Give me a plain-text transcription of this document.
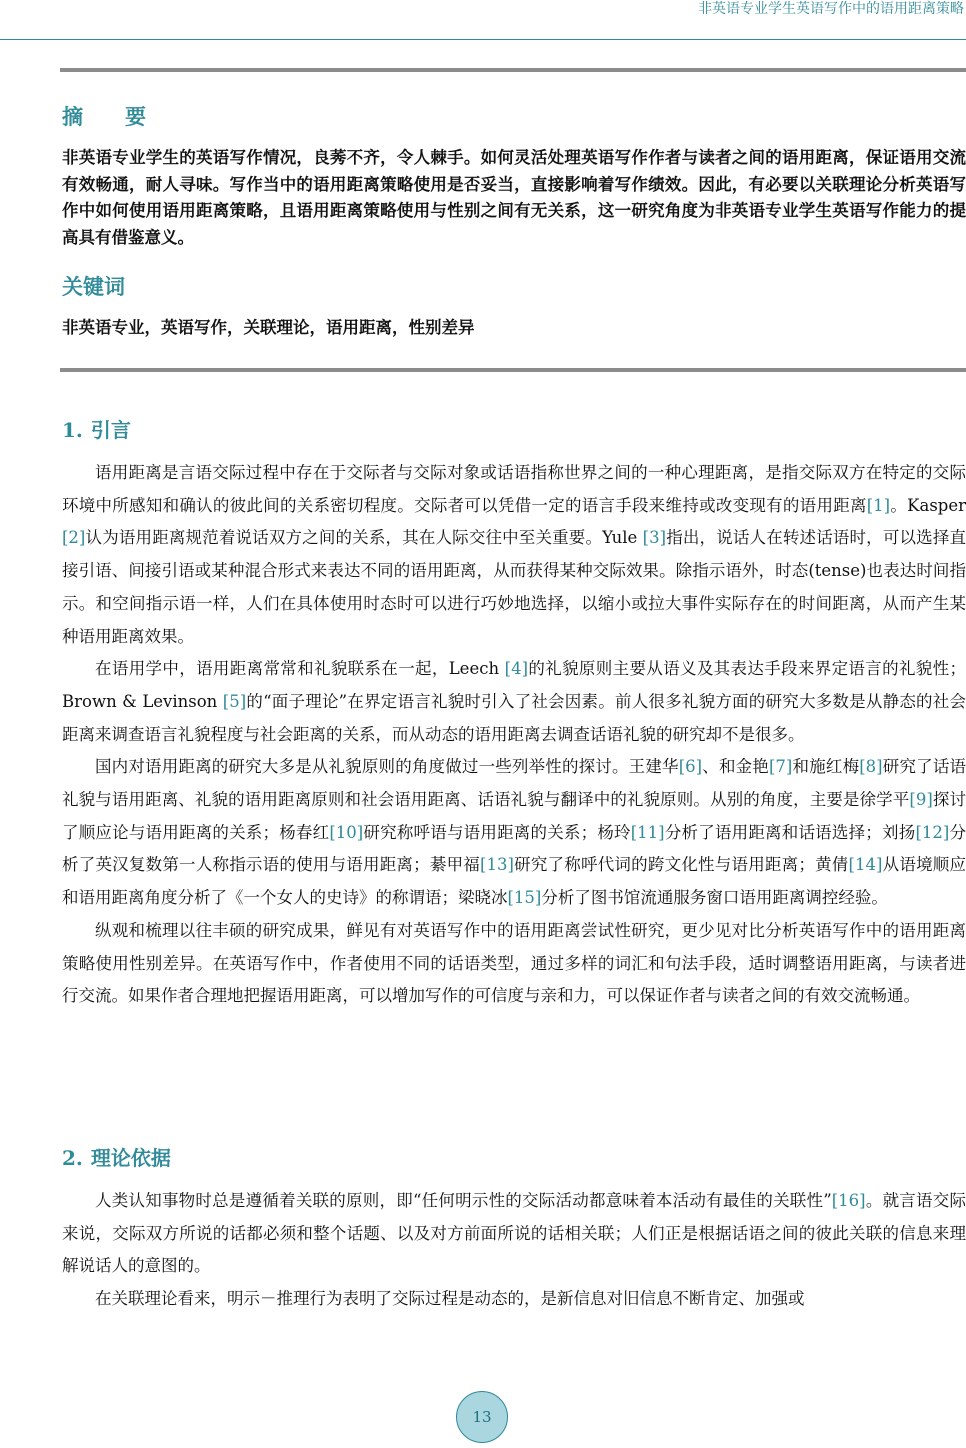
非英语专业学生英语写作中的语用距离策略
摘　要

非英语专业学生的英语写作情况，良莠不齐，令人棘手。如何灵活处理英语写作作者与读者之间的语用距离，保证语用交流有效畅通，耐人寻味。写作当中的语用距离策略使用是否妥当，直接影响着写作绩效。因此，有必要以关联理论分析英语写作中如何使用语用距离策略，且语用距离策略使用与性别之间有无关系，这一研究角度为非英语专业学生英语写作能力的提高具有借鉴意义。

关键词

非英语专业，英语写作，关联理论，语用距离，性别差异

1. 引言

语用距离是言语交际过程中存在于交际者与交际对象或话语指称世界之间的一种心理距离，是指交际双方在特定的交际环境中所感知和确认的彼此间的关系密切程度。交际者可以凭借一定的语言手段来维持或改变现有的语用距离[1]。Kasper [2]认为语用距离规范着说话双方之间的关系，其在人际交往中至关重要。Yule [3]指出，说话人在转述话语时，可以选择直接引语、间接引语或某种混合形式来表达不同的语用距离，从而获得某种交际效果。除指示语外，时态(tense)也表达时间指示。和空间指示语一样，人们在具体使用时态时可以进行巧妙地选择，以缩小或拉大事件实际存在的时间距离，从而产生某种语用距离效果。

在语用学中，语用距离常常和礼貌联系在一起，Leech [4]的礼貌原则主要从语义及其表达手段来界定语言的礼貌性；Brown & Levinson [5]的“面子理论”在界定语言礼貌时引入了社会因素。前人很多礼貌方面的研究大多数是从静态的社会距离来调查语言礼貌程度与社会距离的关系，而从动态的语用距离去调查话语礼貌的研究却不是很多。

国内对语用距离的研究大多是从礼貌原则的角度做过一些列举性的探讨。王建华[6]、和金艳[7]和施红梅[8]研究了话语礼貌与语用距离、礼貌的语用距离原则和社会语用距离、话语礼貌与翻译中的礼貌原则。从别的角度，主要是徐学平[9]探讨了顺应论与语用距离的关系；杨春红[10]研究称呼语与语用距离的关系；杨玲[11]分析了语用距离和话语选择；刘扬[12]分析了英汉复数第一人称指示语的使用与语用距离；綦甲福[13]研究了称呼代词的跨文化性与语用距离；黄倩[14]从语境顺应和语用距离角度分析了《一个女人的史诗》的称谓语；梁晓冰[15]分析了图书馆流通服务窗口语用距离调控经验。

纵观和梳理以往丰硕的研究成果，鲜见有对英语写作中的语用距离尝试性研究，更少见对比分析英语写作中的语用距离策略使用性别差异。在英语写作中，作者使用不同的话语类型，通过多样的词汇和句法手段，适时调整语用距离，与读者进行交流。如果作者合理地把握语用距离，可以增加写作的可信度与亲和力，可以保证作者与读者之间的有效交流畅通。

2. 理论依据

人类认知事物时总是遵循着关联的原则，即“任何明示性的交际活动都意味着本活动有最佳的关联性”[16]。就言语交际来说，交际双方所说的话都必须和整个话题、以及对方前面所说的话相关联；人们正是根据话语之间的彼此关联的信息来理解说话人的意图的。

在关联理论看来，明示－推理行为表明了交际过程是动态的，是新信息对旧信息不断肯定、加强或

13
